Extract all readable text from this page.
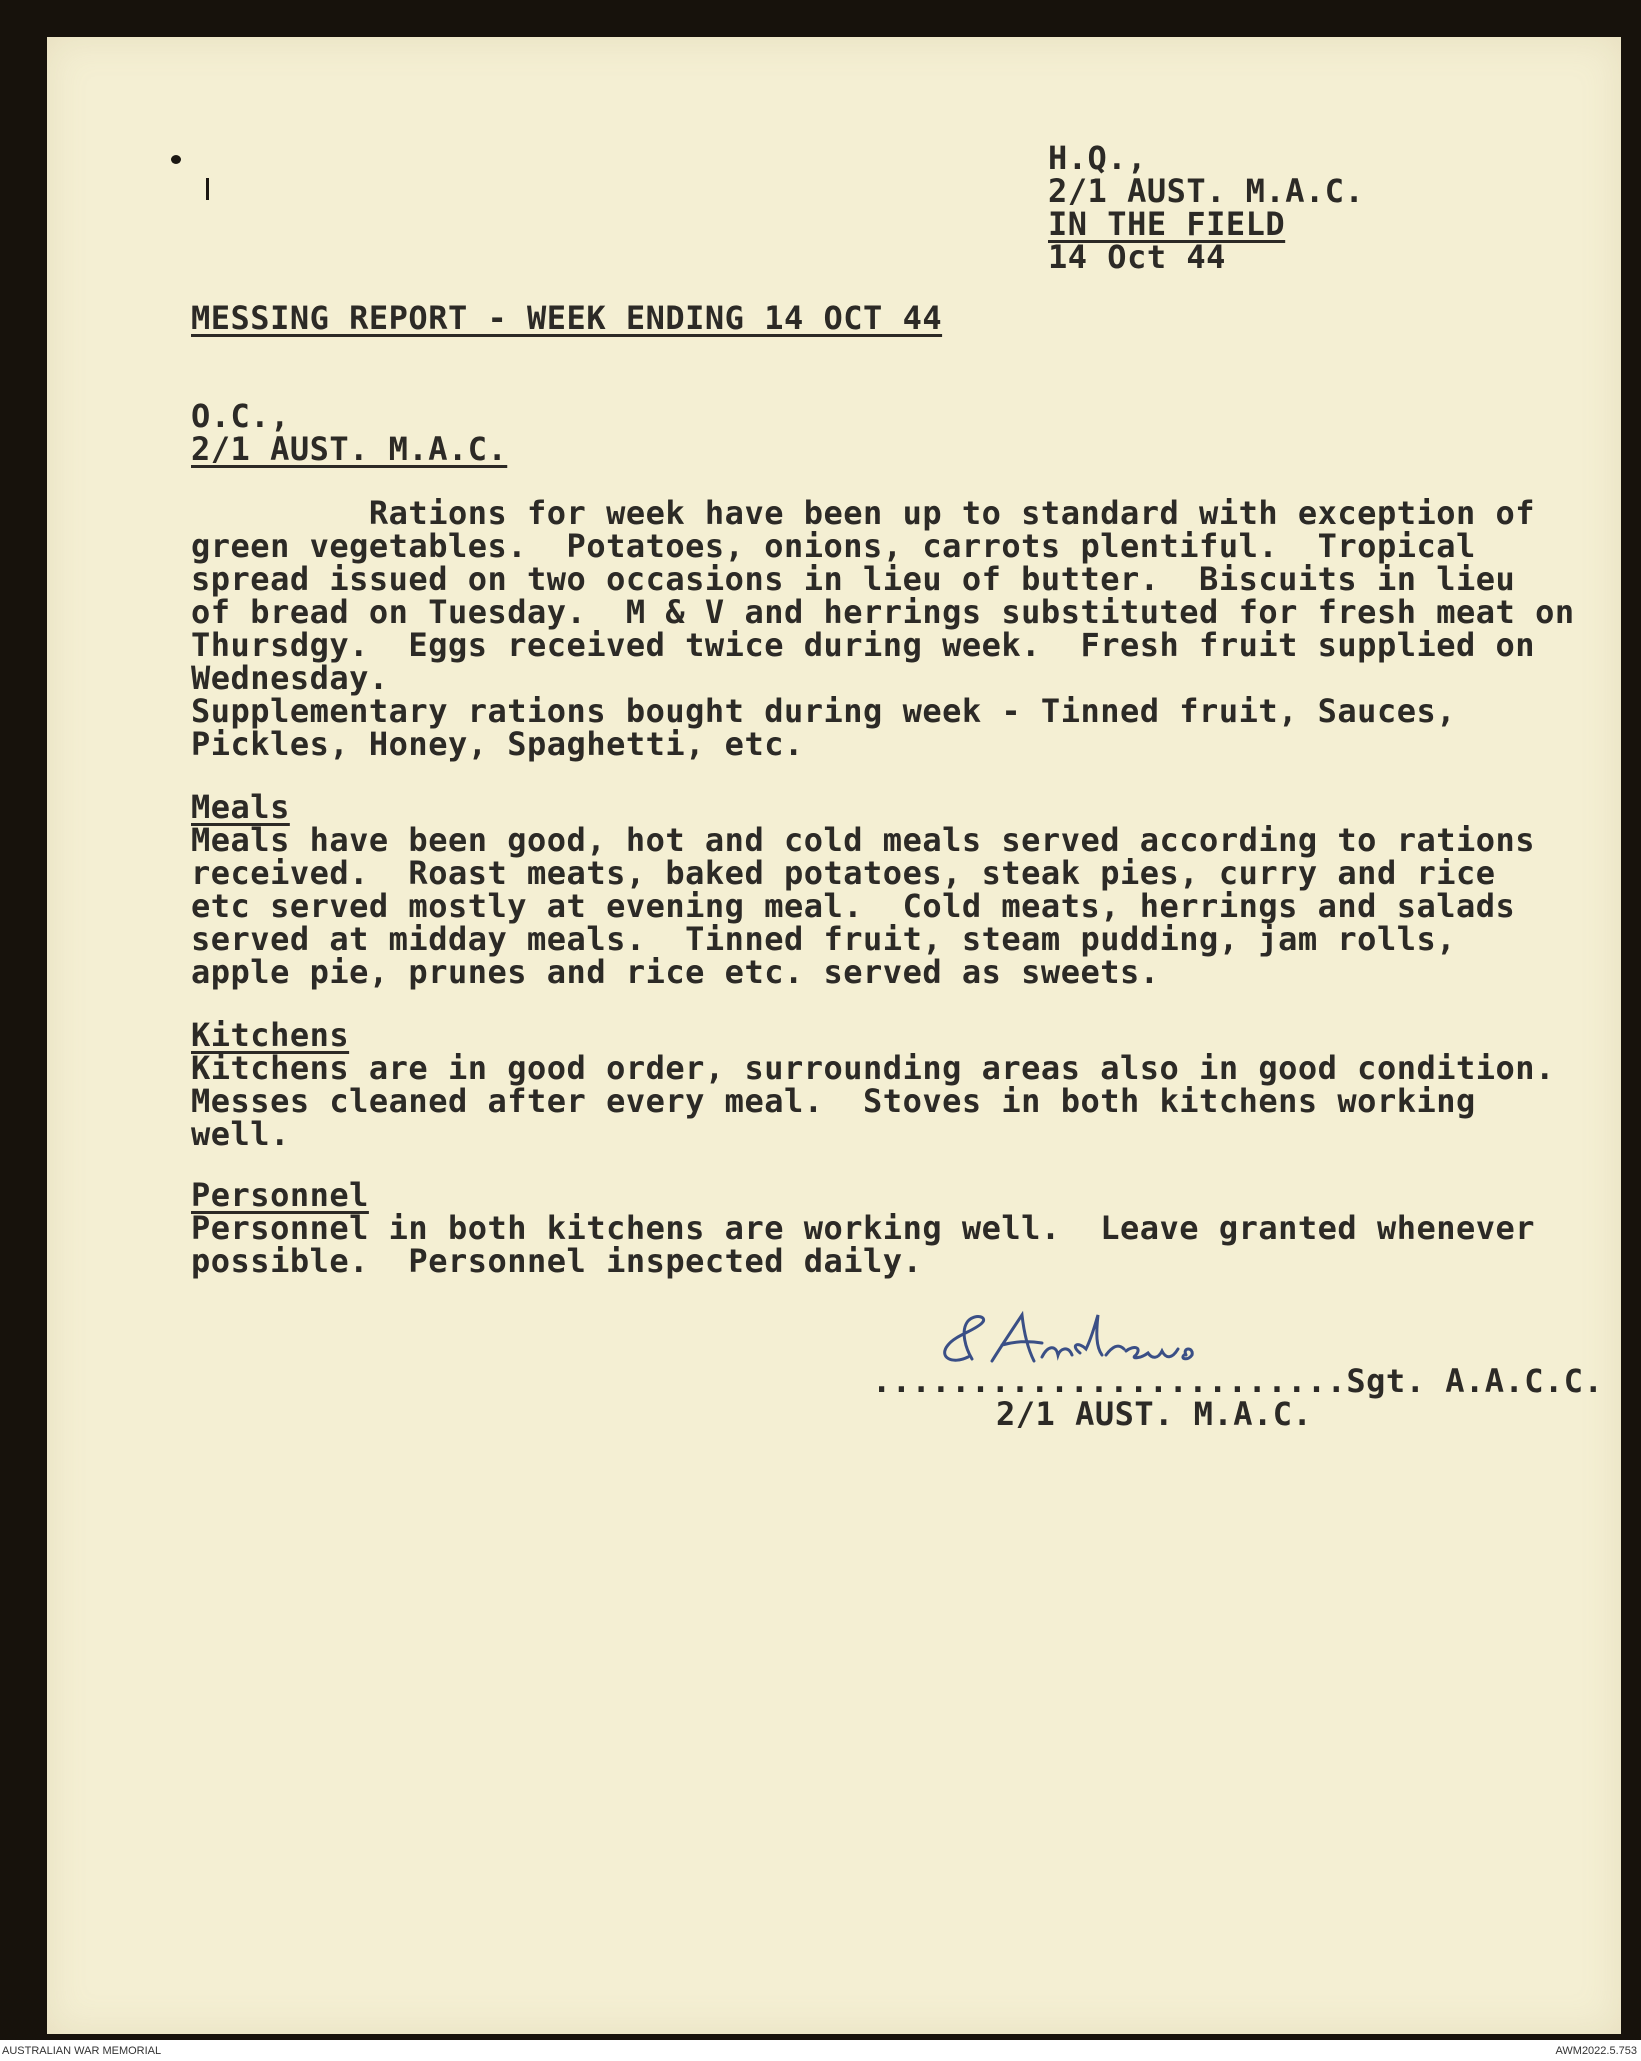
H.Q.,
2/1 AUST. M.A.C.
IN THE FIELD
14 Oct 44
MESSING REPORT - WEEK ENDING 14 OCT 44
O.C.,
2/1 AUST. M.A.C.
Rations for week have been up to standard with exception of
green vegetables.  Potatoes, onions, carrots plentiful.  Tropical
spread issued on two occasions in lieu of butter.  Biscuits in lieu
of bread on Tuesday.  M & V and herrings substituted for fresh meat on
Thursdgy.  Eggs received twice during week.  Fresh fruit supplied on
Wednesday.
Supplementary rations bought during week - Tinned fruit, Sauces,
Pickles, Honey, Spaghetti, etc.
Meals
Meals have been good, hot and cold meals served according to rations
received.  Roast meats, baked potatoes, steak pies, curry and rice
etc served mostly at evening meal.  Cold meats, herrings and salads
served at midday meals.  Tinned fruit, steam pudding, jam rolls,
apple pie, prunes and rice etc. served as sweets.
Kitchens
Kitchens are in good order, surrounding areas also in good condition.
Messes cleaned after every meal.  Stoves in both kitchens working
well.
Personnel
Personnel in both kitchens are working well.  Leave granted whenever
possible.  Personnel inspected daily.
........................Sgt. A.A.C.C.
2/1 AUST. M.A.C.
AUSTRALIAN WAR MEMORIAL	AWM2022.5.753
